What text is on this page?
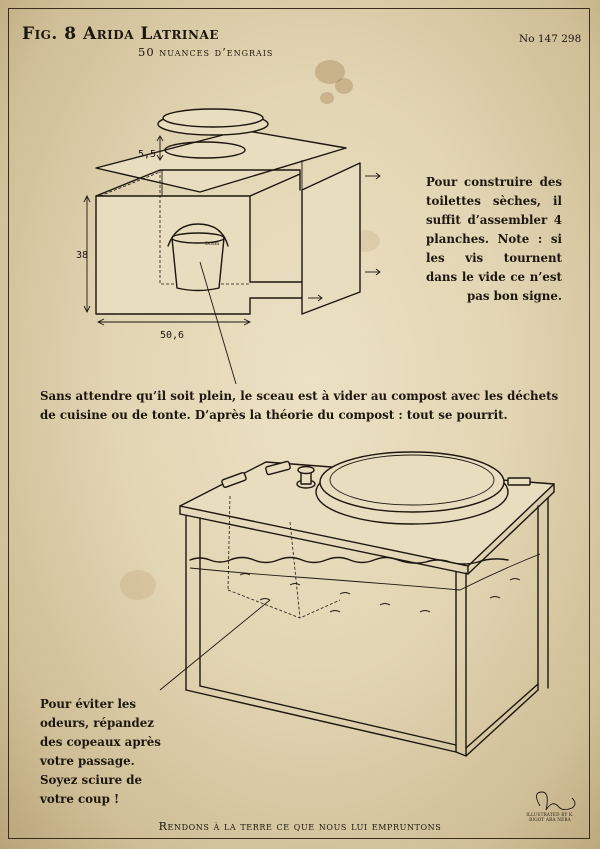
Fig. 8 Arida Latrinae
50 nuances d’engrais
No 147 298
Dosm
38
50,6
5,5
Pour construire des toilettes sèches, il suffit d’assembler 4 planches. Note : si les vis tournent dans le vide ce n’est pas bon signe.
Sans attendre qu’il soit plein, le sceau est à vider au compost avec les déchets de cuisine ou de tonte. D’après la théorie du compost : tout se pourrit.
Pour éviter les odeurs, répandez des copeaux après votre passage. Soyez sciure de votre coup !
ILLUSTRATED BY K. BIGOT ARA NEBA
Rendons à la terre ce que nous lui empruntons
